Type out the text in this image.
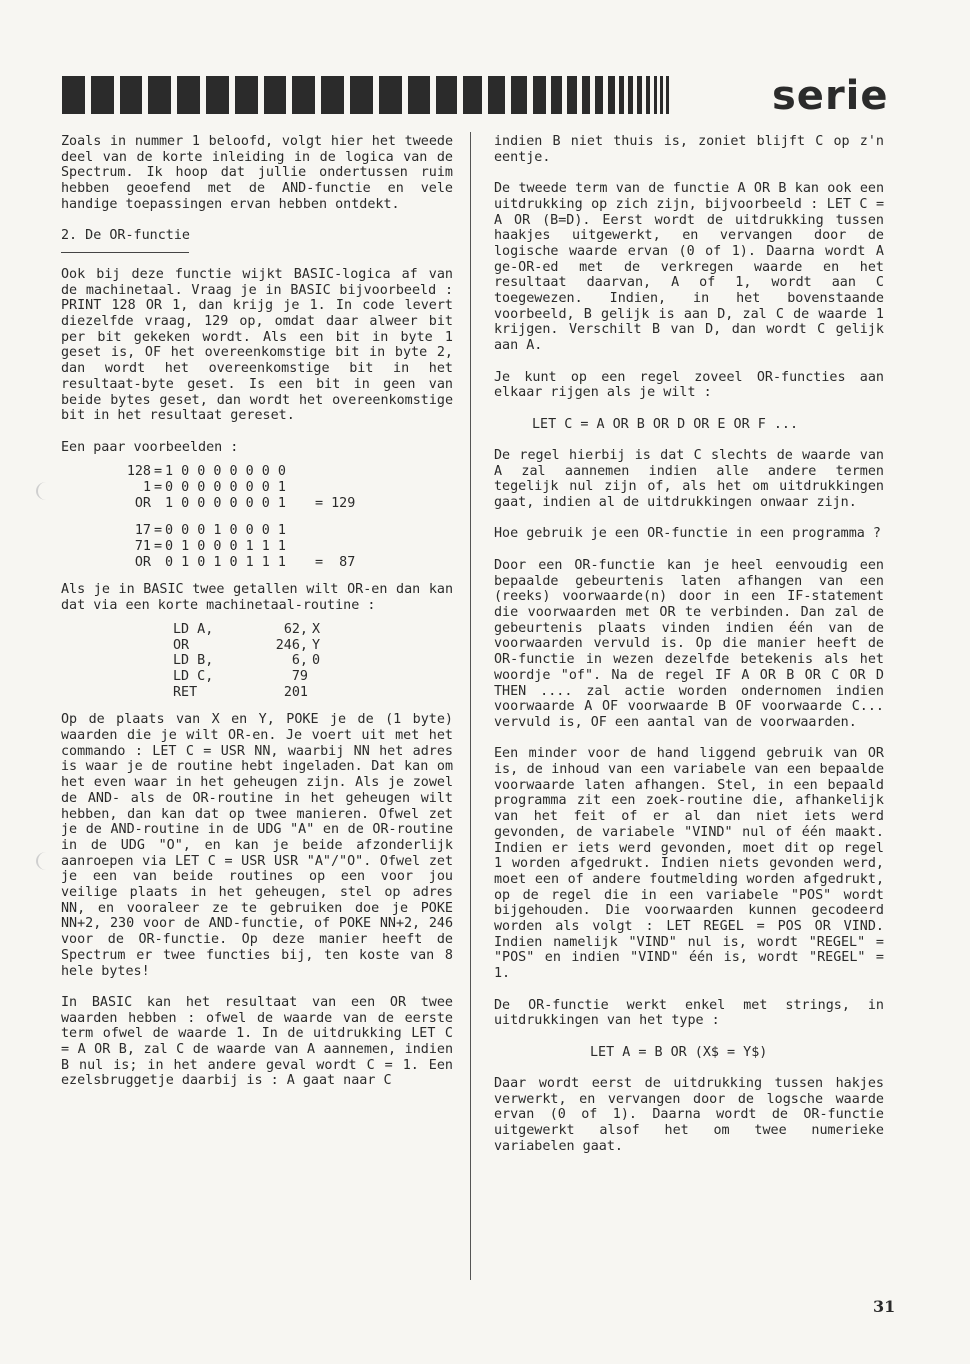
serie

Zoals in nummer 1 beloofd, volgt hier het tweede deel van de korte inleiding in de logica van de Spectrum. Ik hoop dat jullie ondertussen ruim hebben geoefend met de AND-functie en vele handige toepassingen ervan hebben ontdekt.

2. De OR-functie

Ook bij deze functie wijkt BASIC-logica af van de machinetaal. Vraag je in BASIC bijvoorbeeld : PRINT 128 OR 1, dan krijg je 1. In code levert diezelfde vraag, 129 op, omdat daar alweer bit per bit gekeken wordt. Als een bit in byte 1 geset is, OF het overeenkomstige bit in byte 2, dan wordt het overeenkomstige bit in het resultaat-byte geset. Is een bit in geen van beide bytes geset, dan wordt het overeenkomstige bit in het resultaat gereset.

Een paar voorbeelden :

128 = 1 0 0 0 0 0 0 0
1 = 0 0 0 0 0 0 0 1
OR 1 0 0 0 0 0 0 1	= 129
17 = 0 0 0 1 0 0 0 1
71 = 0 1 0 0 0 1 1 1
OR 0 1 0 1 0 1 1 1	=  87

Als je in BASIC twee getallen wilt OR-en dan kan dat via een korte machinetaal-routine :

LD A,	62, X
OR	246, Y
LD B,	6, 0
LD C,	79
RET	201

Op de plaats van X en Y, POKE je de (1 byte) waarden die je wilt OR-en. Je voert uit met het commando : LET C = USR NN, waarbij NN het adres is waar je de routine hebt ingeladen. Dat kan om het even waar in het geheugen zijn. Als je zowel de AND- als de OR-routine in het geheugen wilt hebben, dan kan dat op twee manieren. Ofwel zet je de AND-routine in de UDG "A" en de OR-routine in de UDG "O", en kan je beide afzonderlijk aanroepen via LET C = USR USR "A"/"O". Ofwel zet je een van beide routines op een voor jou veilige plaats in het geheugen, stel op adres NN, en vooraleer ze te gebruiken doe je POKE NN+2, 230 voor de AND-functie, of POKE NN+2, 246 voor de OR-functie. Op deze manier heeft de Spectrum er twee functies bij, ten koste van 8 hele bytes!

In BASIC kan het resultaat van een OR twee waarden hebben : ofwel de waarde van de eerste term ofwel de waarde 1. In de uitdrukking LET C = A OR B, zal C de waarde van A aannemen, indien B nul is; in het andere geval wordt C = 1. Een ezelsbruggetje daarbij is : A gaat naar C

indien B niet thuis is, zoniet blijft C op z'n eentje.

De tweede term van de functie A OR B kan ook een uitdrukking op zich zijn, bijvoorbeeld : LET C = A OR (B=D). Eerst wordt de uitdrukking tussen haakjes uitgewerkt, en vervangen door de logische waarde ervan (0 of 1). Daarna wordt A ge-OR-ed met de verkregen waarde en het resultaat daarvan, A of 1, wordt aan C toegewezen. Indien, in het bovenstaande voorbeeld, B gelijk is aan D, zal C de waarde 1 krijgen. Verschilt B van D, dan wordt C gelijk aan A.

Je kunt op een regel zoveel OR-functies aan elkaar rijgen als je wilt :

LET C = A OR B OR D OR E OR F ...

De regel hierbij is dat C slechts de waarde van A zal aannemen indien alle andere termen tegelijk nul zijn of, als het om uitdrukkingen gaat, indien al de uitdrukkingen onwaar zijn.

Hoe gebruik je een OR-functie in een programma ?

Door een OR-functie kan je heel eenvoudig een bepaalde gebeurtenis laten afhangen van een (reeks) voorwaarde(n) door in een IF-statement die voorwaarden met OR te verbinden. Dan zal de gebeurtenis plaats vinden indien één van de voorwaarden vervuld is. Op die manier heeft de OR-functie in wezen dezelfde betekenis als het woordje "of". Na de regel IF A OR B OR C OR D THEN .... zal actie worden ondernomen indien voorwaarde A OF voorwaarde B OF voorwaarde C... vervuld is, OF een aantal van de voorwaarden.

Een minder voor de hand liggend gebruik van OR is, de inhoud van een variabele van een bepaalde voorwaarde laten afhangen. Stel, in een bepaald programma zit een zoek-routine die, afhankelijk van het feit of er al dan niet iets werd gevonden, de variabele "VIND" nul of één maakt. Indien er iets werd gevonden, moet dit op regel 1 worden afgedrukt. Indien niets gevonden werd, moet een of andere foutmelding worden afgedrukt, op de regel die in een variabele "POS" wordt bijgehouden. Die voorwaarden kunnen gecodeerd worden als volgt : LET REGEL = POS OR VIND. Indien namelijk "VIND" nul is, wordt "REGEL" = "POS" en indien "VIND" één is, wordt "REGEL" = 1.

De OR-functie werkt enkel met strings, in uitdrukkingen van het type :

LET A = B OR (X$ = Y$)

Daar wordt eerst de uitdrukking tussen hakjes verwerkt, en vervangen door de logsche waarde ervan (0 of 1). Daarna wordt de OR-functie uitgewerkt alsof het om twee numerieke variabelen gaat.

31
